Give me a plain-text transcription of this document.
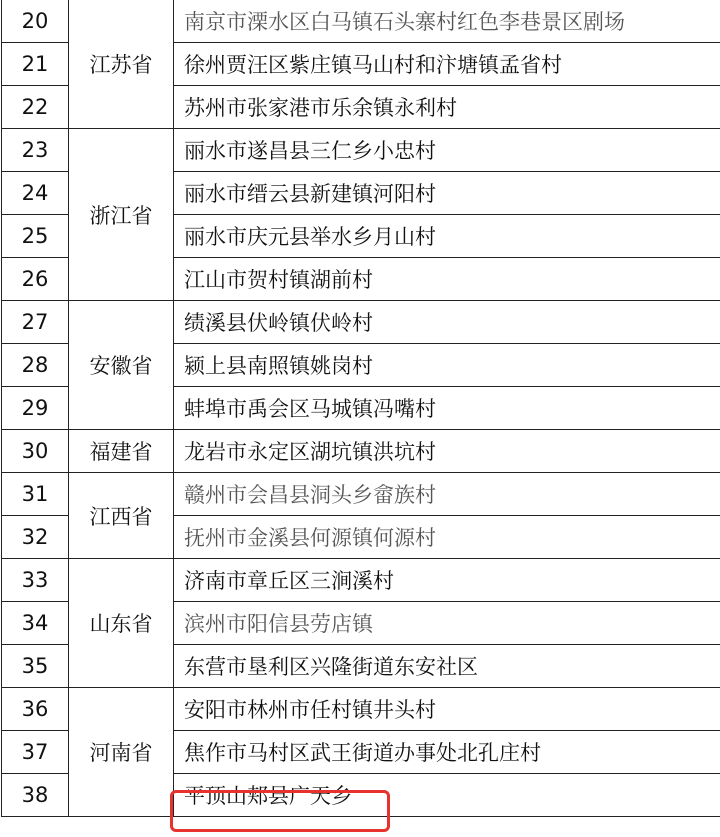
20	江苏省	南京市溧水区白马镇石头寨村红色李巷景区剧场
21		徐州贾汪区紫庄镇马山村和汴塘镇孟省村
22		苏州市张家港市乐余镇永利村
23	浙江省	丽水市遂昌县三仁乡小忠村
24		丽水市缙云县新建镇河阳村
25		丽水市庆元县举水乡月山村
26		江山市贺村镇湖前村
27	安徽省	绩溪县伏岭镇伏岭村
28		颍上县南照镇姚岗村
29		蚌埠市禹会区马城镇冯嘴村
30	福建省	龙岩市永定区湖坑镇洪坑村
31	江西省	赣州市会昌县洞头乡畲族村
32		抚州市金溪县何源镇何源村
33	山东省	济南市章丘区三涧溪村
34		滨州市阳信县劳店镇
35		东营市垦利区兴隆街道东安社区
36	河南省	安阳市林州市任村镇井头村
37		焦作市马村区武王街道办事处北孔庄村
38		平顶山郏县广天乡
